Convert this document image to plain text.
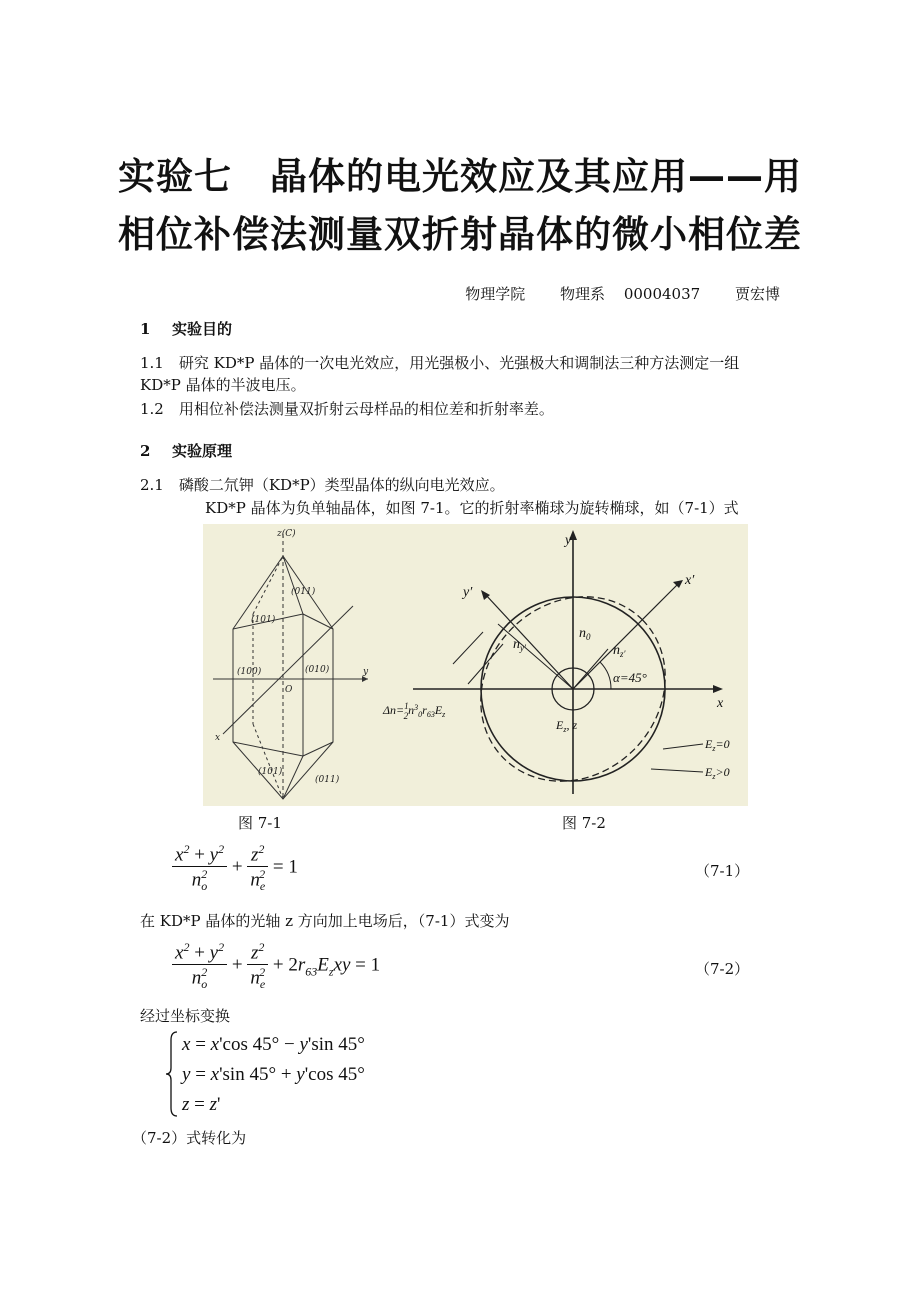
实验七　晶体的电光效应及其应用——用
相位补偿法测量双折射晶体的微小相位差
物理学院 物理系 00004037 贾宏博
1 实验目的
1.1　研究 KD*P 晶体的一次电光效应，用光强极小、光强极大和调制法三种方法测定一组 KD*P 晶体的半波电压。
1.2　用相位补偿法测量双折射云母样品的相位差和折射率差。
2 实验原理
2.1　磷酸二氘钾（KD*P）类型晶体的纵向电光效应。
KD*P 晶体为负单轴晶体，如图 7-1。它的折射率椭球为旋转椭球，如（7-1）式
z(C)
y
x
O
(011)
(101)
(100)	(010)
(101)
(011)
y
x
y′
x′
$n_0$
$n_{y'}$	$n_{z'}$
α=45°
$E_z$, z
$E_z=0$
$E_z>0$
Δn=$^1$ $2n^3_0r_{63}E_z$
图 7-1	图 7-2
$\frac{x^2 + y^2}{n_o^2} + \frac{z^2}{n_e^2} = 1$	（7-1）
在 KD*P 晶体的光轴 z 方向加上电场后，（7-1）式变为
$\frac{x^2 + y^2}{n_o^2} + \frac{z^2}{n_e^2} + 2r_{63}E_zxy = 1$	（7-2）
经过坐标变换
x = x'cos 45° − y'sin 45°
y = x'sin 45° + y'cos 45°
z = z'
（7-2）式转化为
